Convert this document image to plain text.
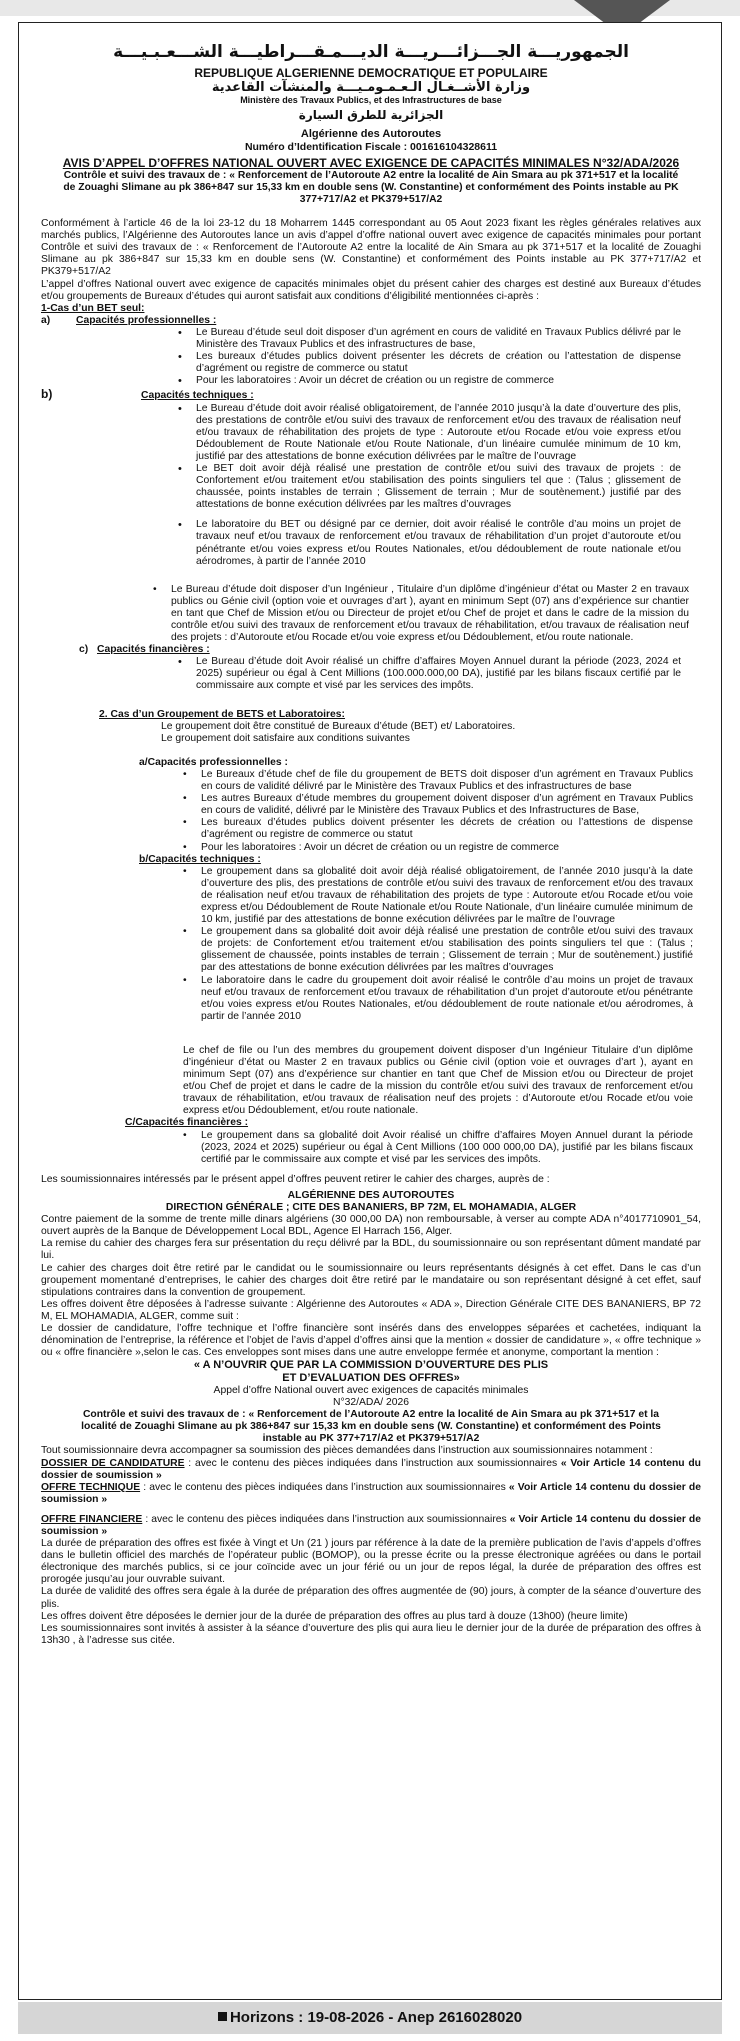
الجمهوريـــة الجـــزائـــريـــة الديـــمـقـــراطيـــة الشـــعـبـيـــة
REPUBLIQUE ALGERIENNE DEMOCRATIQUE ET POPULAIRE
وزارة الأشــغـال الـعـمـومـيـــة والمنشآت القاعدية
Ministère des Travaux Publics, et des Infrastructures de base
الجزائرية للطرق السيارة
Algérienne des Autoroutes
Numéro d’Identification Fiscale : 001616104328611
AVIS D’APPEL D’OFFRES NATIONAL OUVERT AVEC EXIGENCE DE CAPACITÉS MINIMALES N°32/ADA/2026
Contrôle et suivi des travaux de : « Renforcement de l’Autoroute A2 entre la localité de Ain Smara au pk 371+517 et la localité de Zouaghi Slimane au pk 386+847 sur 15,33 km en double sens (W. Constantine) et conformément des Points instable au PK 377+717/A2 et PK379+517/A2
Conformément à l’article 46 de la loi 23-12 du 18 Moharrem 1445 correspondant au 05 Aout 2023 fixant les règles générales relatives aux marchés publics, l’Algérienne des Autoroutes lance un avis d’appel d’offre national ouvert avec exigence de capacités minimales pour portant Contrôle et suivi des travaux de : « Renforcement de l’Autoroute A2 entre la localité de Ain Smara au pk 371+517 et la localité de Zouaghi Slimane au pk 386+847 sur 15,33 km en double sens (W. Constantine) et conformément des Points instable au PK 377+717/A2 et PK379+517/A2
L’appel d’offres National ouvert avec exigence de capacités minimales objet du présent cahier des charges est destiné aux Bureaux d’études et/ou groupements de Bureaux d’études qui auront satisfait aux conditions d’éligibilité mentionnées ci-après :
1-Cas d’un BET seul:
a)	Capacités professionnelles :
• Le Bureau d’étude seul doit disposer d’un agrément en cours de validité en Travaux Publics délivré par le Ministère des Travaux Publics et des infrastructures de base,
• Les bureaux d’études publics doivent présenter les décrets de création ou l’attestation de dispense d’agrément ou registre de commerce ou statut
• Pour les laboratoires : Avoir un décret de création ou un registre de commerce
b)	Capacités techniques :
• Le Bureau d’étude doit avoir réalisé obligatoirement, de l’année 2010 jusqu’à la date d’ouverture des plis, des prestations de contrôle et/ou suivi des travaux de renforcement et/ou des travaux de réalisation neuf et/ou travaux de réhabilitation des projets de type : Autoroute et/ou Rocade et/ou voie express et/ou Dédoublement de Route Nationale et/ou Route Nationale, d’un linéaire cumulée minimum de 10 km, justifié par des attestations de bonne exécution délivrées par le maître de l’ouvrage
• Le BET doit avoir déjà réalisé une prestation de contrôle et/ou suivi des travaux de projets : de Confortement et/ou traitement et/ou stabilisation des points singuliers tel que : (Talus ; glissement de chaussée, points instables de terrain ; Glissement de terrain ; Mur de soutènement.) justifié par des attestations de bonne exécution délivrées par les maîtres d’ouvrages
• Le laboratoire du BET ou désigné par ce dernier, doit avoir réalisé le contrôle d’au moins un projet de travaux neuf et/ou travaux de renforcement et/ou travaux de réhabilitation d’un projet d’autoroute et/ou pénétrante et/ou voies express et/ou Routes Nationales, et/ou dédoublement de route nationale et/ou aérodromes, à partir de l’année 2010
• Le Bureau d’étude doit disposer d’un Ingénieur , Titulaire d’un diplôme d’ingénieur d’état ou Master 2 en travaux publics ou Génie civil (option voie et ouvrages d’art ), ayant en minimum Sept (07) ans d’expérience sur chantier en tant que Chef de Mission et/ou ou Directeur de projet et/ou Chef de projet et dans le cadre de la mission du contrôle et/ou suivi des travaux de renforcement et/ou travaux de réhabilitation, et/ou travaux de réalisation neuf des projets : d’Autoroute et/ou Rocade et/ou voie express et/ou Dédoublement, et/ou route nationale.
c) Capacités financières :
• Le Bureau d’étude doit Avoir réalisé un chiffre d’affaires Moyen Annuel durant la période (2023, 2024 et 2025) supérieur ou égal à Cent Millions (100.000.000,00 DA), justifié par les bilans fiscaux certifié par le commissaire aux compte et visé par les services des impôts.
2. Cas d’un Groupement de BETS et Laboratoires:
Le groupement doit être constitué de Bureaux d’étude (BET) et/ Laboratoires.
Le groupement doit satisfaire aux conditions suivantes
a/Capacités professionnelles :
• Le Bureaux d’étude chef de file du groupement de BETS doit disposer d’un agrément en Travaux Publics en cours de validité délivré par le Ministère des Travaux Publics et des infrastructures de base
• Les autres Bureaux d’étude membres du groupement doivent disposer d’un agrément en Travaux Publics en cours de validité, délivré par le Ministère des Travaux Publics et des Infrastructures de Base,
• Les bureaux d’études publics doivent présenter les décrets de création ou l’attestions de dispense d’agrément ou registre de commerce ou statut
• Pour les laboratoires : Avoir un décret de création ou un registre de commerce
b/Capacités techniques :
• Le groupement dans sa globalité doit avoir déjà réalisé obligatoirement, de l’année 2010 jusqu’à la date d’ouverture des plis, des prestations de contrôle et/ou suivi des travaux de renforcement et/ou des travaux de réalisation neuf et/ou travaux de réhabilitation des projets de type : Autoroute et/ou Rocade et/ou voie express et/ou Dédoublement de Route Nationale et/ou Route Nationale, d’un linéaire cumulée minimum de 10 km, justifié par des attestations de bonne exécution délivrées par le maître de l’ouvrage
• Le groupement dans sa globalité doit avoir déjà réalisé une prestation de contrôle et/ou suivi des travaux de projets: de Confortement et/ou traitement et/ou stabilisation des points singuliers tel que : (Talus ; glissement de chaussée, points instables de terrain ; Glissement de terrain ; Mur de soutènement.) justifié par des attestations de bonne exécution délivrées par les maîtres d’ouvrages
• Le laboratoire dans le cadre du groupement doit avoir réalisé le contrôle d’au moins un projet de travaux neuf et/ou travaux de renforcement et/ou travaux de réhabilitation d’un projet d’autoroute et/ou pénétrante et/ou voies express et/ou Routes Nationales, et/ou dédoublement de route nationale et/ou aérodromes, à partir de l’année 2010
Le chef de file ou l’un des membres du groupement doivent disposer d’un Ingénieur Titulaire d’un diplôme d’ingénieur d’état ou Master 2 en travaux publics ou Génie civil (option voie et ouvrages d’art ), ayant en minimum Sept (07) ans d’expérience sur chantier en tant que Chef de Mission et/ou ou Directeur de projet et/ou Chef de projet et dans le cadre de la mission du contrôle et/ou suivi des travaux de renforcement et/ou travaux de réhabilitation, et/ou travaux de réalisation neuf des projets : d’Autoroute et/ou Rocade et/ou voie express et/ou Dédoublement, et/ou route nationale.
C/Capacités financières :
• Le groupement dans sa globalité doit Avoir réalisé un chiffre d’affaires Moyen Annuel durant la période (2023, 2024 et 2025) supérieur ou égal à Cent Millions (100 000 000,00 DA), justifié par les bilans fiscaux certifié par le commissaire aux compte et visé par les services des impôts.
Les soumissionnaires intéressés par le présent appel d’offres peuvent retirer le cahier des charges, auprès de :
ALGÉRIENNE DES AUTOROUTES
DIRECTION GÉNÉRALE ; CITE DES BANANIERS, BP 72M, EL MOHAMADIA, ALGER
Contre paiement de la somme de trente mille dinars algériens (30 000,00 DA) non remboursable, à verser au compte ADA n°4017710901_54, ouvert auprès de la Banque de Développement Local BDL, Agence El Harrach 156, Alger.
La remise du cahier des charges fera sur présentation du reçu délivré par la BDL, du soumissionnaire ou son représentant dûment mandaté par lui.
Le cahier des charges doit être retiré par le candidat ou le soumissionnaire ou leurs représentants désignés à cet effet. Dans le cas d’un groupement momentané d’entreprises, le cahier des charges doit être retiré par le mandataire ou son représentant désigné à cet effet, sauf stipulations contraires dans la convention de groupement.
Les offres doivent être déposées à l’adresse suivante : Algérienne des Autoroutes « ADA », Direction Générale CITE DES BANANIERS, BP 72 M, EL MOHAMADIA, ALGER, comme suit :
Le dossier de candidature, l’offre technique et l’offre financière sont insérés dans des enveloppes séparées et cachetées, indiquant la dénomination de l’entreprise, la référence et l’objet de l’avis d’appel d’offres ainsi que la mention « dossier de candidature », « offre technique » ou « offre financière »,selon le cas. Ces enveloppes sont mises dans une autre enveloppe fermée et anonyme, comportant la mention :
« A N’OUVRIR QUE PAR LA COMMISSION D’OUVERTURE DES PLIS
ET D’EVALUATION DES OFFRES»
Appel d’offre National ouvert avec exigences de capacités minimales
N°32/ADA/ 2026
Contrôle et suivi des travaux de : « Renforcement de l’Autoroute A2 entre la localité de Ain Smara au pk 371+517 et la localité de Zouaghi Slimane au pk 386+847 sur 15,33 km en double sens (W. Constantine) et conformément des Points instable au PK 377+717/A2 et PK379+517/A2
Tout soumissionnaire devra accompagner sa soumission des pièces demandées dans l’instruction aux soumissionnaires notamment :
DOSSIER DE CANDIDATURE : avec le contenu des pièces indiquées dans l’instruction aux soumissionnaires « Voir Article 14 contenu du dossier de soumission »
OFFRE TECHNIQUE : avec le contenu des pièces indiquées dans l’instruction aux soumissionnaires « Voir Article 14 contenu du dossier de soumission »
OFFRE FINANCIERE : avec le contenu des pièces indiquées dans l’instruction aux soumissionnaires « Voir Article 14 contenu du dossier de soumission »
La durée de préparation des offres est fixée à Vingt et Un (21 ) jours par référence à la date de la première publication de l’avis d’appels d’offres dans le bulletin officiel des marchés de l’opérateur public (BOMOP), ou la presse écrite ou la presse électronique agréées ou dans le portail électronique des marchés publics, si ce jour coïncide avec un jour férié ou un jour de repos légal, la durée de préparation des offres est prorogée jusqu’au jour ouvrable suivant.
La durée de validité des offres sera égale à la durée de préparation des offres augmentée de (90) jours, à compter de la séance d’ouverture des plis.
Les offres doivent être déposées le dernier jour de la durée de préparation des offres au plus tard à douze (13h00) (heure limite)
Les soumissionnaires sont invités à assister à la séance d’ouverture des plis qui aura lieu le dernier jour de la durée de préparation des offres à 13h30 , à l’adresse sus citée.
Horizons : 19-08-2026 - Anep 2616028020
